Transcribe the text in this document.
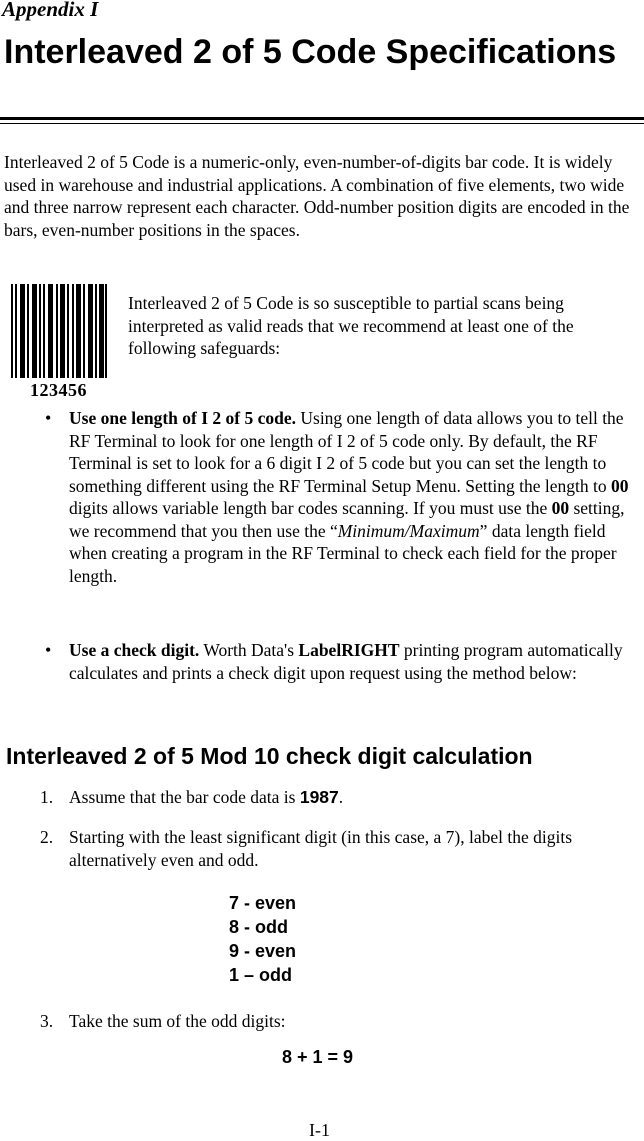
Appendix I
Interleaved 2 of 5 Code Specifications
Interleaved 2 of 5 Code is a numeric-only, even-number-of-digits bar code. It is widely used in warehouse and industrial applications. A combination of five elements, two wide and three narrow represent each character. Odd-number position digits are encoded in the bars, even-number positions in the spaces.
123456
Interleaved 2 of 5 Code is so susceptible to partial scans being interpreted as valid reads that we recommend at least one of the following safeguards:
• Use one length of I 2 of 5 code. Using one length of data allows you to tell the RF Terminal to look for one length of I 2 of 5 code only. By default, the RF Terminal is set to look for a 6 digit I 2 of 5 code but you can set the length to something different using the RF Terminal Setup Menu. Setting the length to 00 digits allows variable length bar codes scanning. If you must use the 00 setting, we recommend that you then use the “Minimum/Maximum” data length field when creating a program in the RF Terminal to check each field for the proper length.
• Use a check digit. Worth Data's LabelRIGHT printing program automatically calculates and prints a check digit upon request using the method below:
Interleaved 2 of 5 Mod 10 check digit calculation
1. Assume that the bar code data is 1987.
2. Starting with the least significant digit (in this case, a 7), label the digits alternatively even and odd.
7 - even
8 - odd
9 - even
1 – odd
3. Take the sum of the odd digits:
8 + 1 = 9
I-1
